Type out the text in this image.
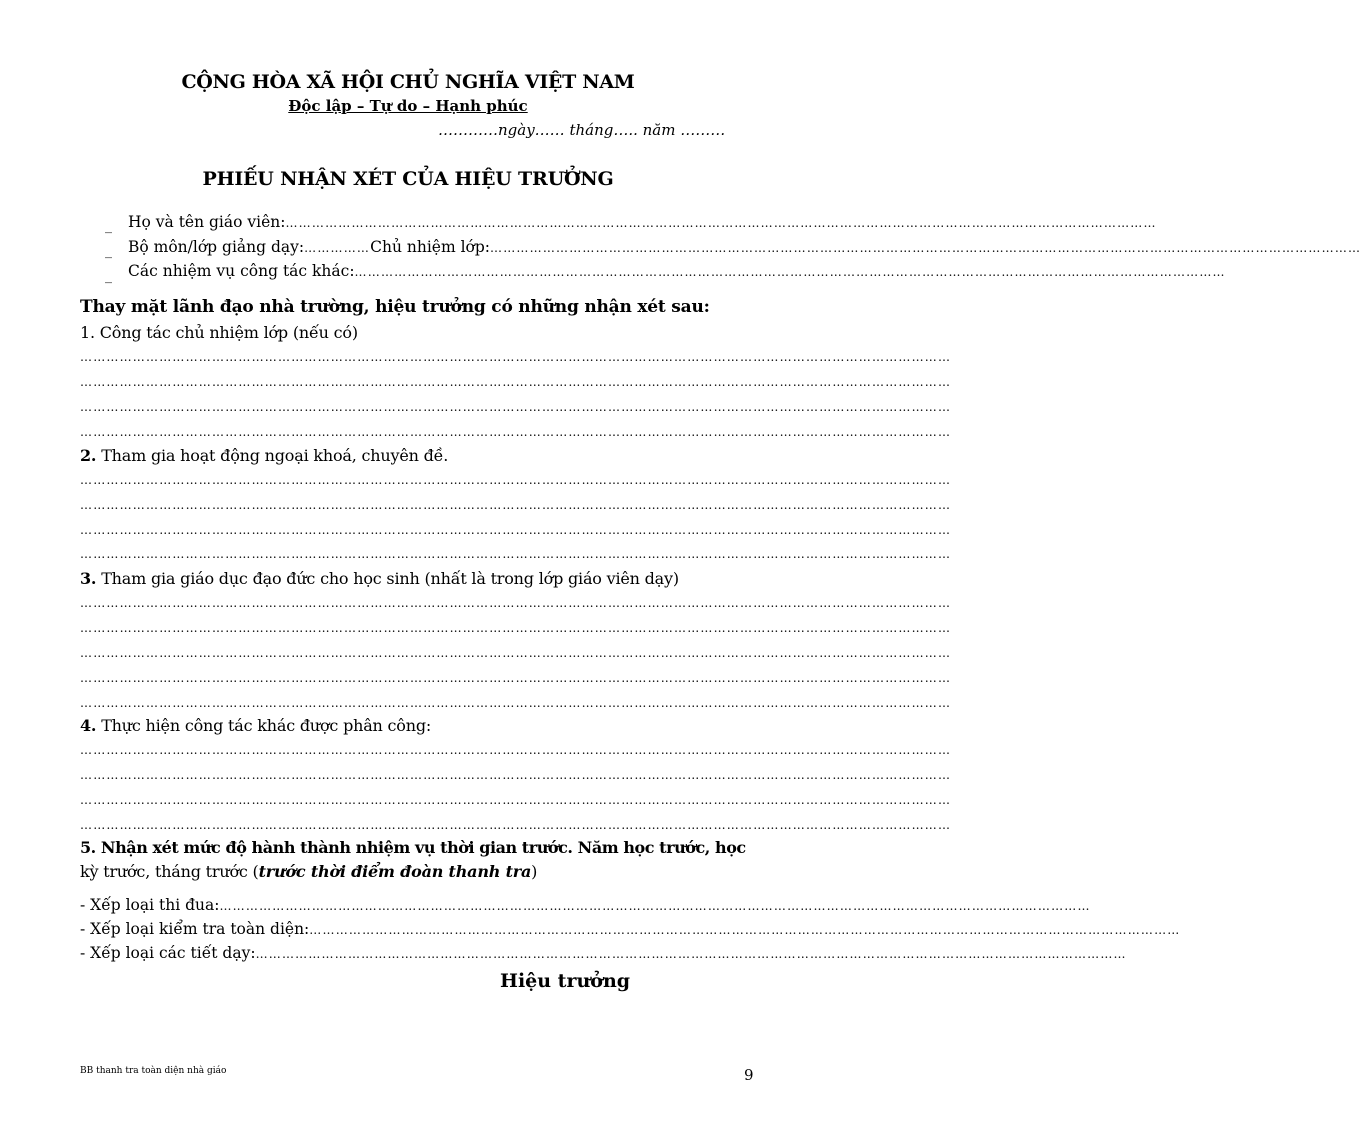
CỘNG HÒA XÃ HỘI CHỦ NGHĨA VIỆT NAM
Độc lập – Tự do – Hạnh phúc
…………ngày…… tháng….. năm ………
PHIẾU NHẬN XÉT CỦA HIỆU TRƯỞNG
_ Họ và tên giáo viên: ………………………………………………………………………………………………………………………………………………………………………………
_ Bộ môn/lớp giảng dạy: …………… Chủ nhiệm lớp: ………………………………………………………………………………………………………………………………………………………………………………
_ Các nhiệm vụ công tác khác: ………………………………………………………………………………………………………………………………………………………………………………
Thay mặt lãnh đạo nhà trường, hiệu trưởng có những nhận xét sau:
1. Công tác chủ nhiệm lớp (nếu có)
………………………………………………………………………………………………………………………………………………………………………………
………………………………………………………………………………………………………………………………………………………………………………
………………………………………………………………………………………………………………………………………………………………………………
………………………………………………………………………………………………………………………………………………………………………………
2. Tham gia hoạt động ngoại khoá, chuyên đề.
………………………………………………………………………………………………………………………………………………………………………………
………………………………………………………………………………………………………………………………………………………………………………
………………………………………………………………………………………………………………………………………………………………………………
………………………………………………………………………………………………………………………………………………………………………………
3. Tham gia giáo dục đạo đức cho học sinh (nhất là trong lớp giáo viên dạy)
………………………………………………………………………………………………………………………………………………………………………………
………………………………………………………………………………………………………………………………………………………………………………
………………………………………………………………………………………………………………………………………………………………………………
………………………………………………………………………………………………………………………………………………………………………………
………………………………………………………………………………………………………………………………………………………………………………
4. Thực hiện công tác khác được phân công:
………………………………………………………………………………………………………………………………………………………………………………
………………………………………………………………………………………………………………………………………………………………………………
………………………………………………………………………………………………………………………………………………………………………………
………………………………………………………………………………………………………………………………………………………………………………
5. Nhận xét mức độ hành thành nhiệm vụ thời gian trước. Năm học trước, học
kỳ trước, tháng trước (trước thời điểm đoàn thanh tra)
- Xếp loại thi đua: ………………………………………………………………………………………………………………………………………………………………………………
- Xếp loại kiểm tra toàn diện: ………………………………………………………………………………………………………………………………………………………………………………
- Xếp loại các tiết dạy: ………………………………………………………………………………………………………………………………………………………………………………
Hiệu trưởng
BB thanh tra toàn diện nhà giáo	9
